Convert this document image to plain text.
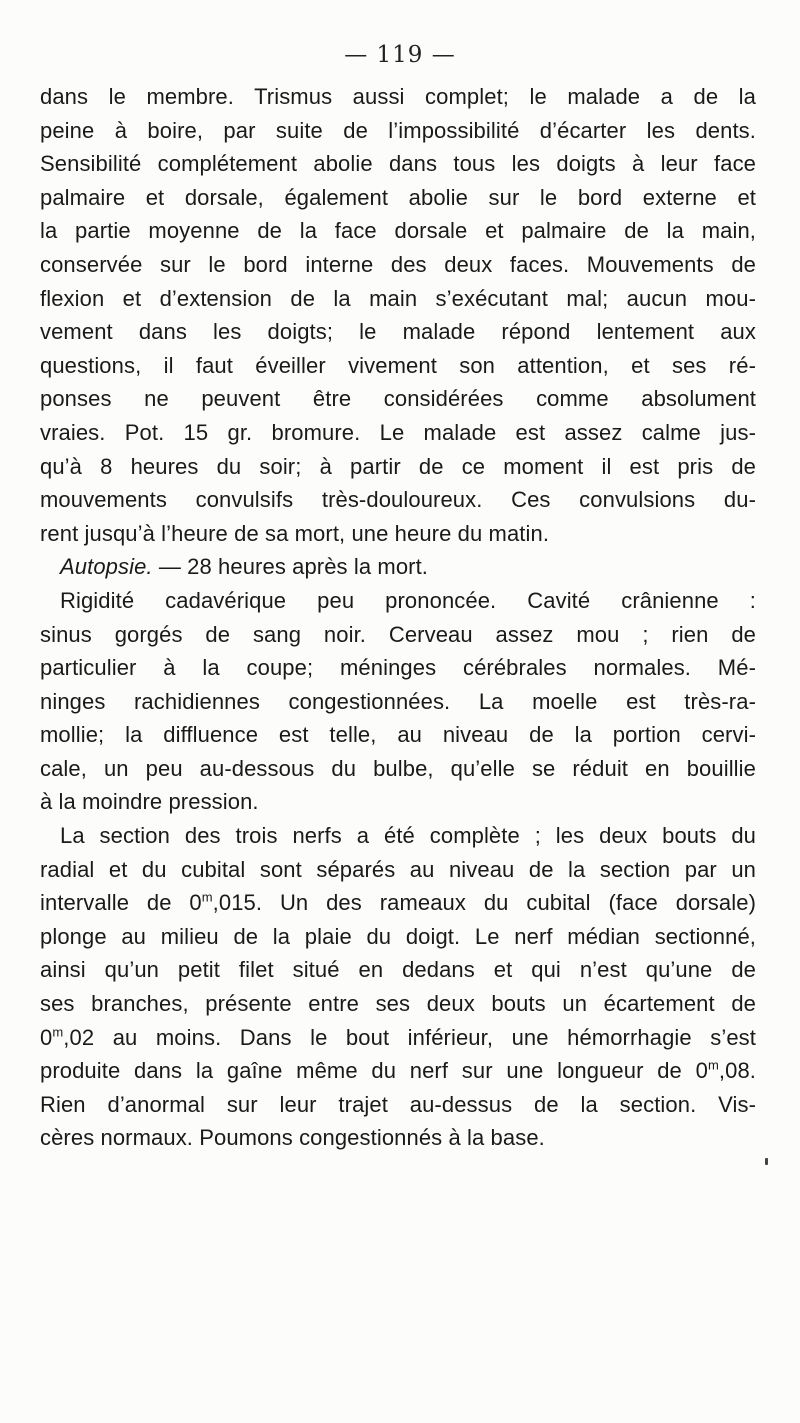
— 119 —
dans le membre. Trismus aussi complet; le malade a de la
peine à boire, par suite de l’impossibilité d’écarter les dents.
Sensibilité complétement abolie dans tous les doigts à leur face
palmaire et dorsale, également abolie sur le bord externe et
la partie moyenne de la face dorsale et palmaire de la main,
conservée sur le bord interne des deux faces. Mouvements de
flexion et d’extension de la main s’exécutant mal; aucun mou-
vement dans les doigts; le malade répond lentement aux
questions, il faut éveiller vivement son attention, et ses ré-
ponses ne peuvent être considérées comme absolument
vraies. Pot. 15 gr. bromure. Le malade est assez calme jus-
qu’à 8 heures du soir; à partir de ce moment il est pris de
mouvements convulsifs très-douloureux. Ces convulsions du-
rent jusqu’à l’heure de sa mort, une heure du matin.
Autopsie. — 28 heures après la mort.
Rigidité cadavérique peu prononcée. Cavité crânienne :
sinus gorgés de sang noir. Cerveau assez mou ; rien de
particulier à la coupe; méninges cérébrales normales. Mé-
ninges rachidiennes congestionnées. La moelle est très-ra-
mollie; la diffluence est telle, au niveau de la portion cervi-
cale, un peu au-dessous du bulbe, qu’elle se réduit en bouillie
à la moindre pression.
La section des trois nerfs a été complète ; les deux bouts du
radial et du cubital sont séparés au niveau de la section par un
intervalle de 0$^m$,015. Un des rameaux du cubital (face dorsale)
plonge au milieu de la plaie du doigt. Le nerf médian sectionné,
ainsi qu’un petit filet situé en dedans et qui n’est qu’une de
ses branches, présente entre ses deux bouts un écartement de
0$^m$,02 au moins. Dans le bout inférieur, une hémorrhagie s’est
produite dans la gaîne même du nerf sur une longueur de 0$^m$,08.
Rien d’anormal sur leur trajet au-dessus de la section. Vis-
cères normaux. Poumons congestionnés à la base.
